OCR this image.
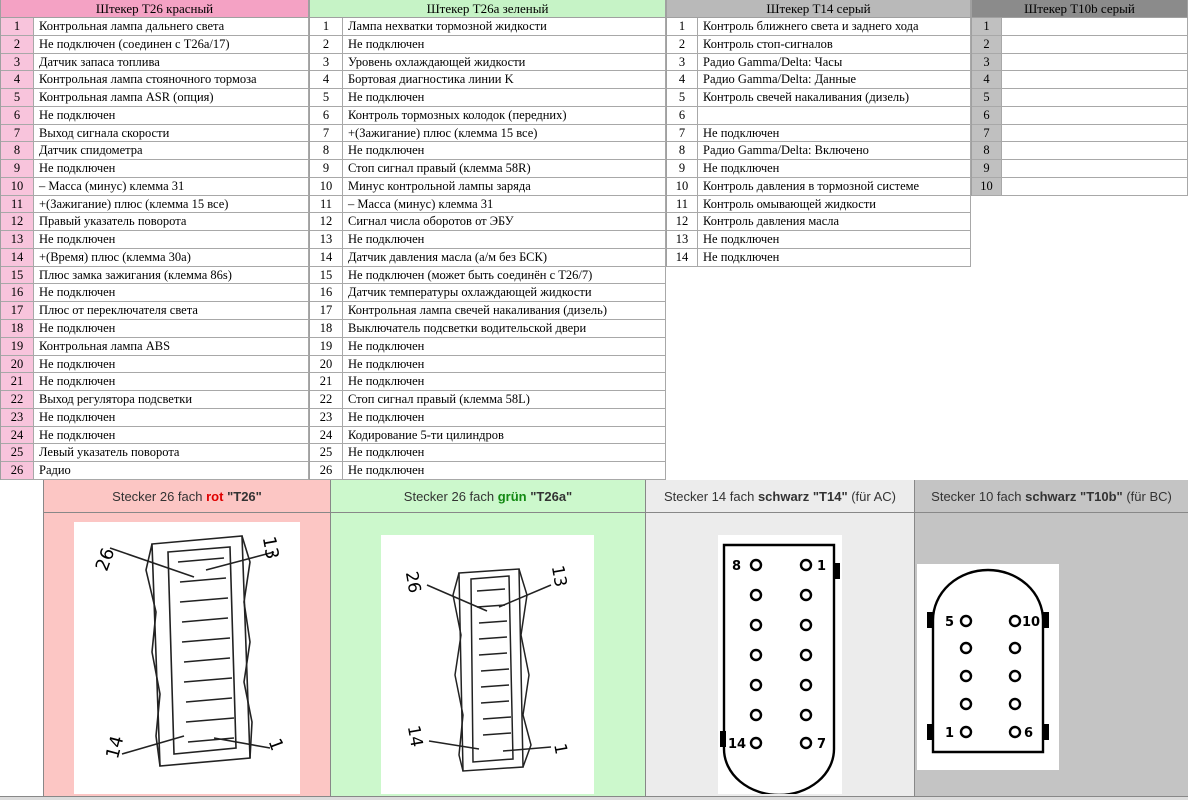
Штекер T26 красный
1	Контрольная лампа дальнего света
2	Не подключен (соединен с T26a/17)
3	Датчик запаса топлива
4	Контрольная лампа стояночного тормоза
5	Контрольная лампа ASR (опция)
6	Не подключен
7	Выход сигнала скорости
8	Датчик спидометра
9	Не подключен
10	– Масса (минус) клемма 31
11	+(Зажигание) плюс (клемма 15 все)
12	Правый указатель поворота
13	Не подключен
14	+(Время) плюс (клемма 30а)
15	Плюс замка зажигания (клемма 86s)
16	Не подключен
17	Плюс от переключателя света
18	Не подключен
19	Контрольная лампа ABS
20	Не подключен
21	Не подключен
22	Выход регулятора подсветки
23	Не подключен
24	Не подключен
25	Левый указатель поворота
26	Радио
Штекер T26а зеленый
1	Лампа нехватки тормозной жидкости
2	Не подключен
3	Уровень охлаждающей жидкости
4	Бортовая диагностика линии K
5	Не подключен
6	Контроль тормозных колодок (передних)
7	+(Зажигание) плюс (клемма 15 все)
8	Не подключен
9	Стоп сигнал правый (клемма 58R)
10	Минус контрольной лампы заряда
11	– Масса (минус) клемма 31
12	Сигнал числа оборотов от ЭБУ
13	Не подключен
14	Датчик давления масла (а/м без БСК)
15	Не подключен (может быть соединён с T26/7)
16	Датчик температуры охлаждающей жидкости
17	Контрольная лампа свечей накаливания (дизель)
18	Выключатель подсветки водительской двери
19	Не подключен
20	Не подключен
21	Не подключен
22	Стоп сигнал правый (клемма 58L)
23	Не подключен
24	Кодирование 5-ти цилиндров
25	Не подключен
26	Не подключен
Штекер T14 серый
1	Контроль ближнего света и заднего хода
2	Контроль стоп-сигналов
3	Радио Gamma/Delta: Часы
4	Радио Gamma/Delta: Данные
5	Контроль свечей накаливания (дизель)
6
7	Не подключен
8	Радио Gamma/Delta: Включено
9	Не подключен
10	Контроль давления в тормозной системе
11	Контроль омывающей жидкости
12	Контроль давления масла
13	Не подключен
14	Не подключен
Штекер T10b серый
1
2
3
4
5
6
7
8
9
10
Stecker 26 fach rot "T26"
26	13
14	1
Stecker 26 fach grün "T26a"
26	13
14
1
Stecker 14 fach schwarz "T14" (für AC)
8	1
14	7
Stecker 10 fach schwarz "T10b" (für BC)
5	10
1	6
